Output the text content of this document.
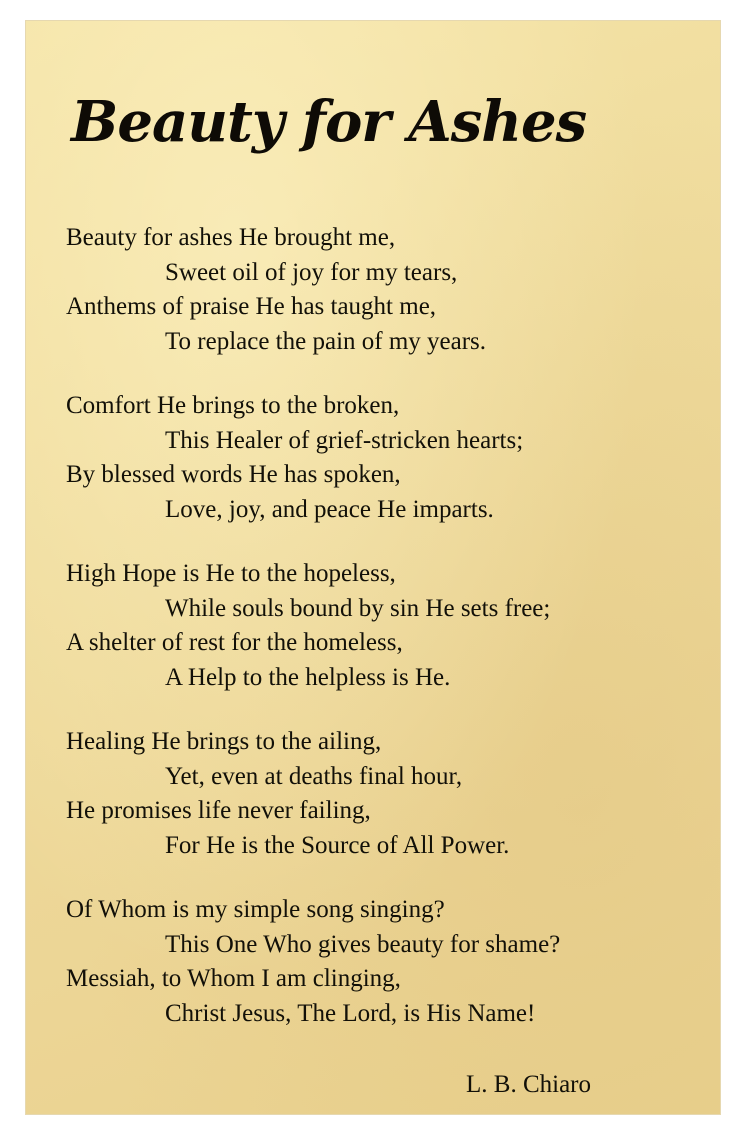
Beauty for Ashes
Beauty for ashes He brought me,
Sweet oil of joy for my tears,
Anthems of praise He has taught me,
To replace the pain of my years.
Comfort He brings to the broken,
This Healer of grief-stricken hearts;
By blessed words He has spoken,
Love, joy, and peace He imparts.
High Hope is He to the hopeless,
While souls bound by sin He sets free;
A shelter of rest for the homeless,
A Help to the helpless is He.
Healing He brings to the ailing,
Yet, even at deaths final hour,
He promises life never failing,
For He is the Source of All Power.
Of Whom is my simple song singing?
This One Who gives beauty for shame?
Messiah, to Whom I am clinging,
Christ Jesus, The Lord, is His Name!
L. B. Chiaro
